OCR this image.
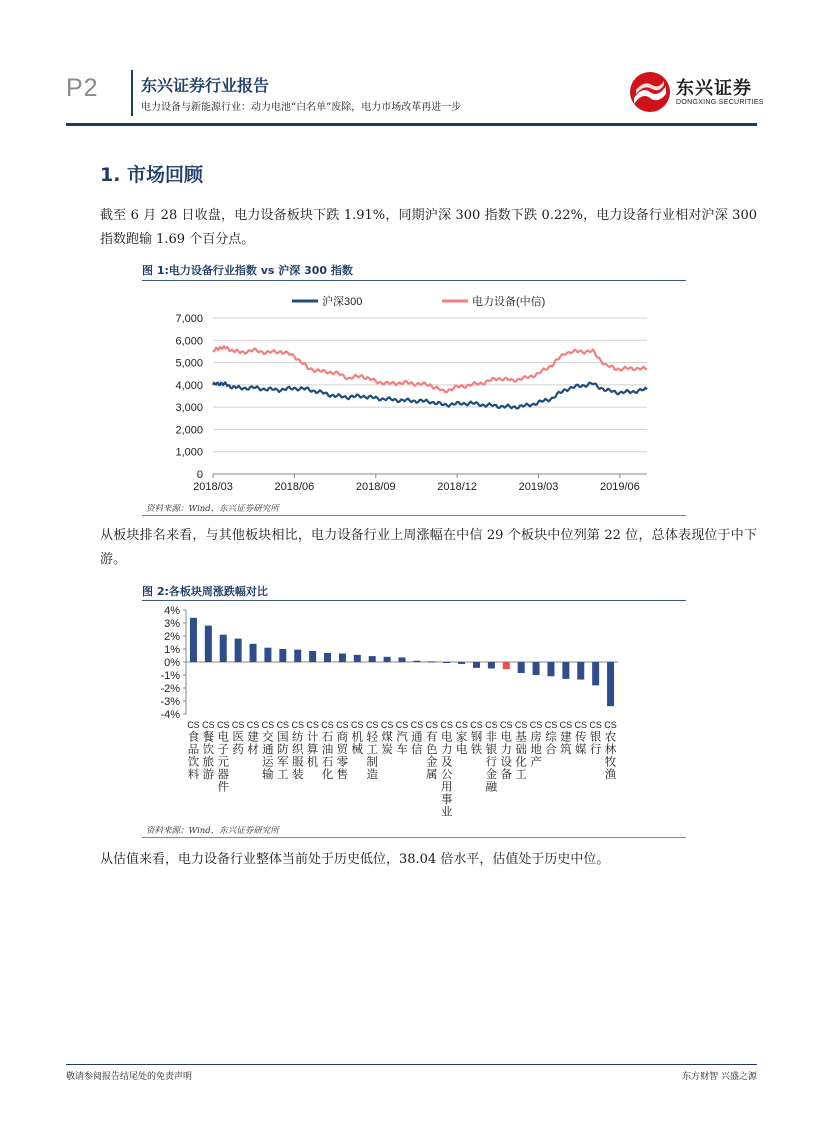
P2	东兴证券行业报告
电力设备与新能源行业：动力电池“白名单”废除，电力市场改革再进一步
东兴证券
DONGXING SECURITIES
1. 市场回顾
截至 6 月 28 日收盘，电力设备板块下跌 1.91%，同期沪深 300 指数下跌 0.22%，电力设备行业相对沪深 300 指数跑输 1.69 个百分点。
图 1:电力设备行业指数 vs 沪深 300 指数
0
1,000
2,000
3,000
4,000
5,000
6,000
7,000
2018/03	2018/06	2018/09	2018/12	2019/03	2019/06
沪深300	电力设备(中信)
资料来源：Wind，东兴证券研究所
从板块排名来看，与其他板块相比，电力设备行业上周涨幅在中信 29 个板块中位列第 22 位，总体表现位于中下游。
图 2:各板块周涨跌幅对比
4%
3%
2%
1%
0%
-1%
-2%
-3%
-4%
CS 食品饮料
CS 餐饮旅游
CS 电子元器件
CS 医药
CS 建材
CS 交通运输
CS 国防军工
CS 纺织服装
CS 计算机
CS 石油石化
CS 商贸零售
CS 机械
CS 轻工制造
CS 煤炭
CS 汽车
CS 通信
CS 有色金属
CS 电力及公用事业
CS 家电
CS 钢铁
CS 非银行金融
CS 电力设备
CS 基础化工
CS 房地产
CS 综合
CS 建筑
CS 传媒
CS 银行
CS 农林牧渔
资料来源：Wind，东兴证券研究所
从估值来看，电力设备行业整体当前处于历史低位，38.04 倍水平，估值处于历史中位。
敬请参阅报告结尾处的免责声明	东方财智 兴盛之源
